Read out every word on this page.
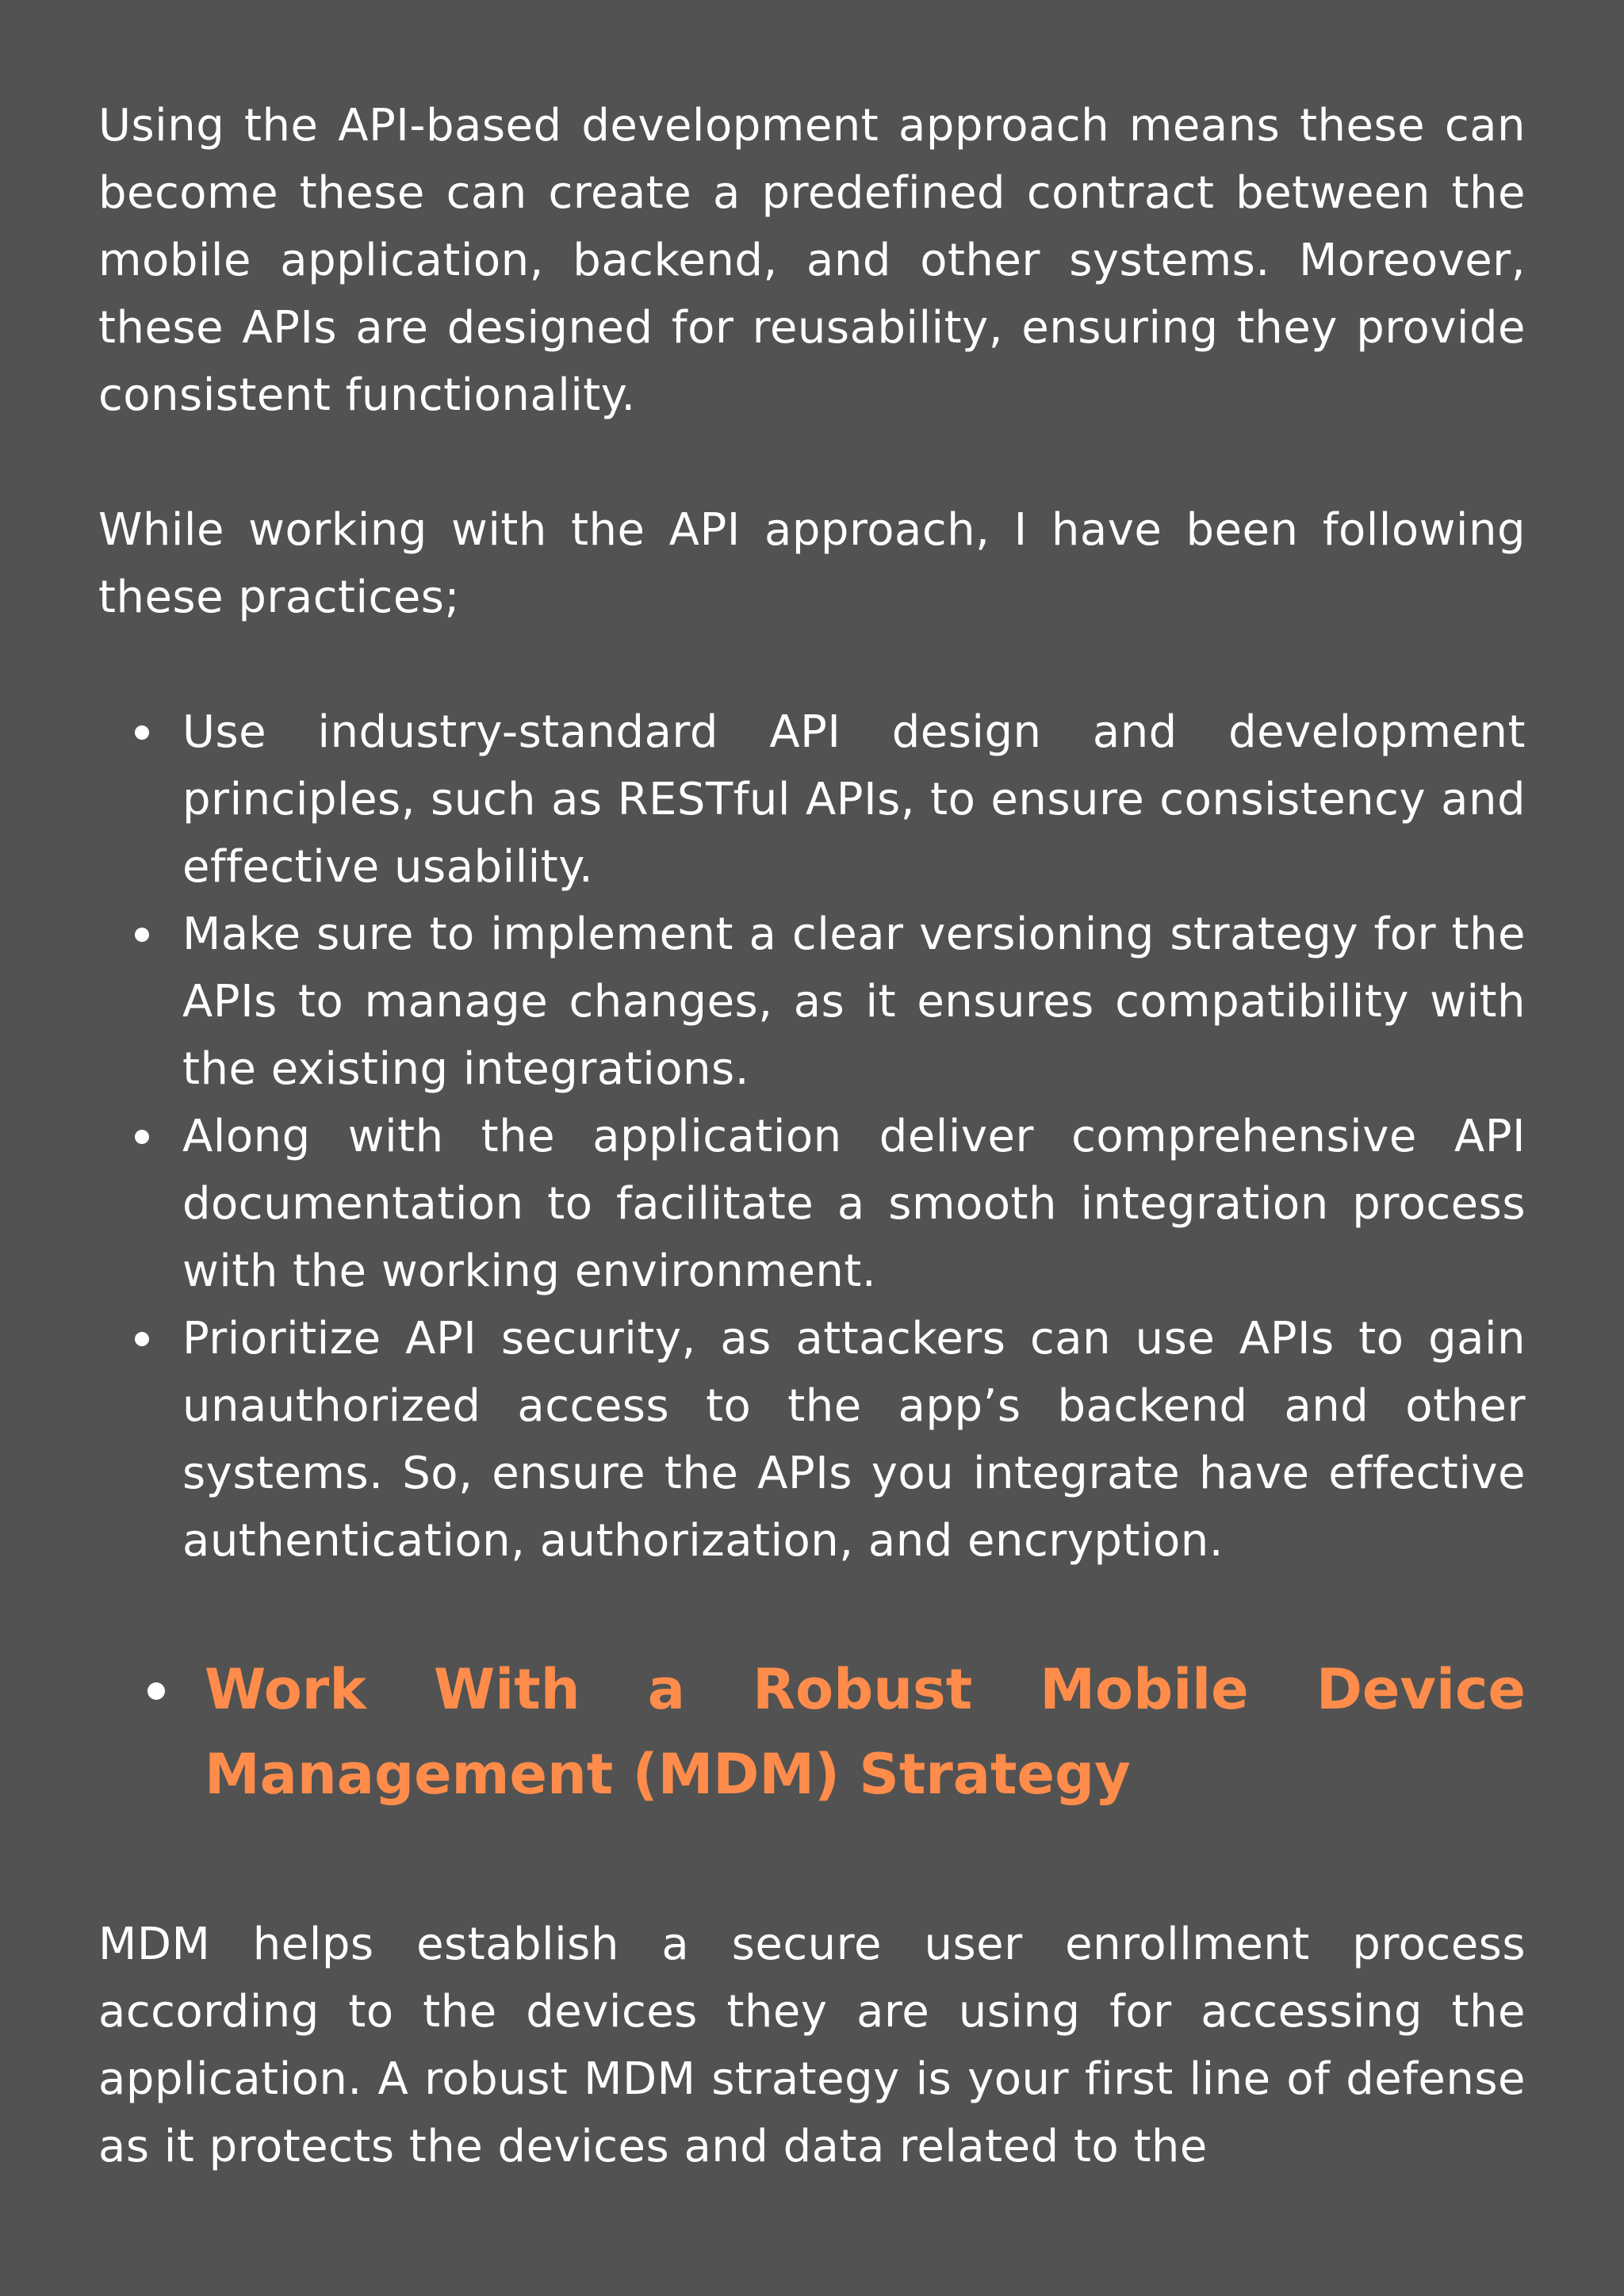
Using the API-based development approach means these can become these can create a predefined contract between the mobile application, backend, and other systems. Moreover, these APIs are designed for reusability, ensuring they provide consistent functionality.

While working with the API approach, I have been following these practices;

Use industry-standard API design and development principles, such as RESTful APIs, to ensure consistency and effective usability.
Make sure to implement a clear versioning strategy for the APIs to manage changes, as it ensures compatibility with the existing integrations.
Along with the application deliver comprehensive API documentation to facilitate a smooth integration process with the working environment.
Prioritize API security, as attackers can use APIs to gain unauthorized access to the app’s backend and other systems. So, ensure the APIs you integrate have effective authentication, authorization, and encryption.
Work With a Robust Mobile Device Management (MDM) Strategy

MDM helps establish a secure user enrollment process according to the devices they are using for accessing the application. A robust MDM strategy is your first line of defense as it protects the devices and data related to the
